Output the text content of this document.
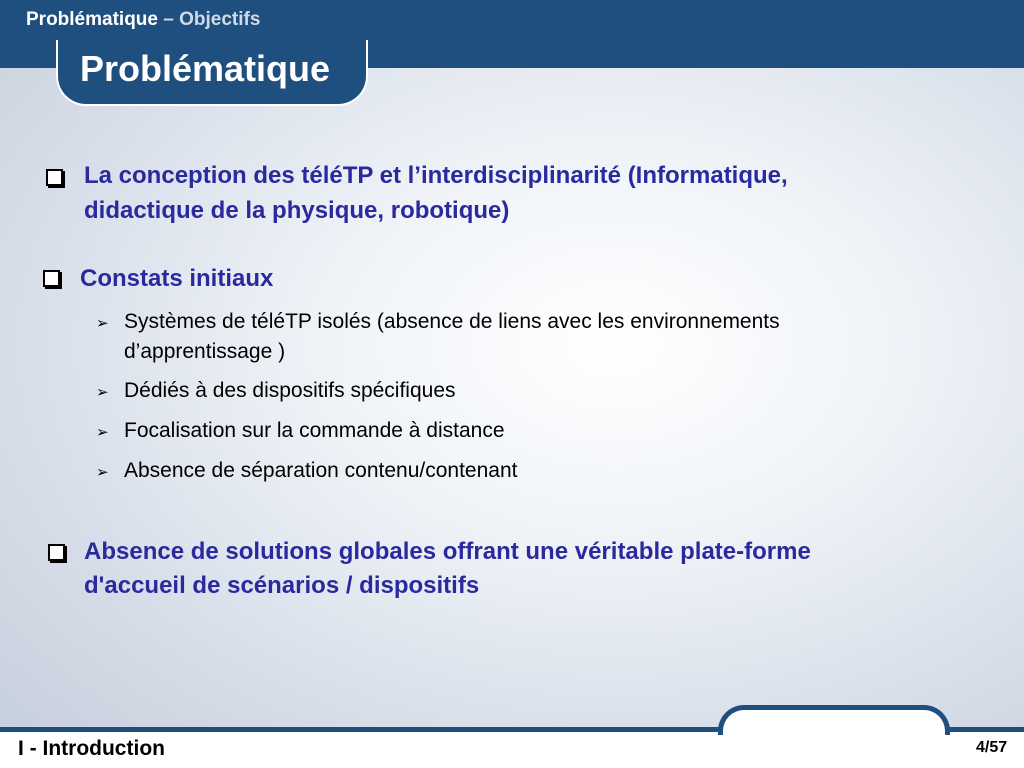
Problématique – Objectifs
Problématique
La conception des téléTP et l’interdisciplinarité (Informatique,
didactique de la physique, robotique)
Constats initiaux
➢ Systèmes de téléTP isolés (absence de liens avec les environnements
d’apprentissage )
➢ Dédiés à des dispositifs spécifiques
➢ Focalisation sur la commande à distance
➢ Absence de séparation contenu/contenant
Absence de solutions globales offrant une véritable plate-forme
d'accueil de scénarios / dispositifs
I - Introduction	4/57
